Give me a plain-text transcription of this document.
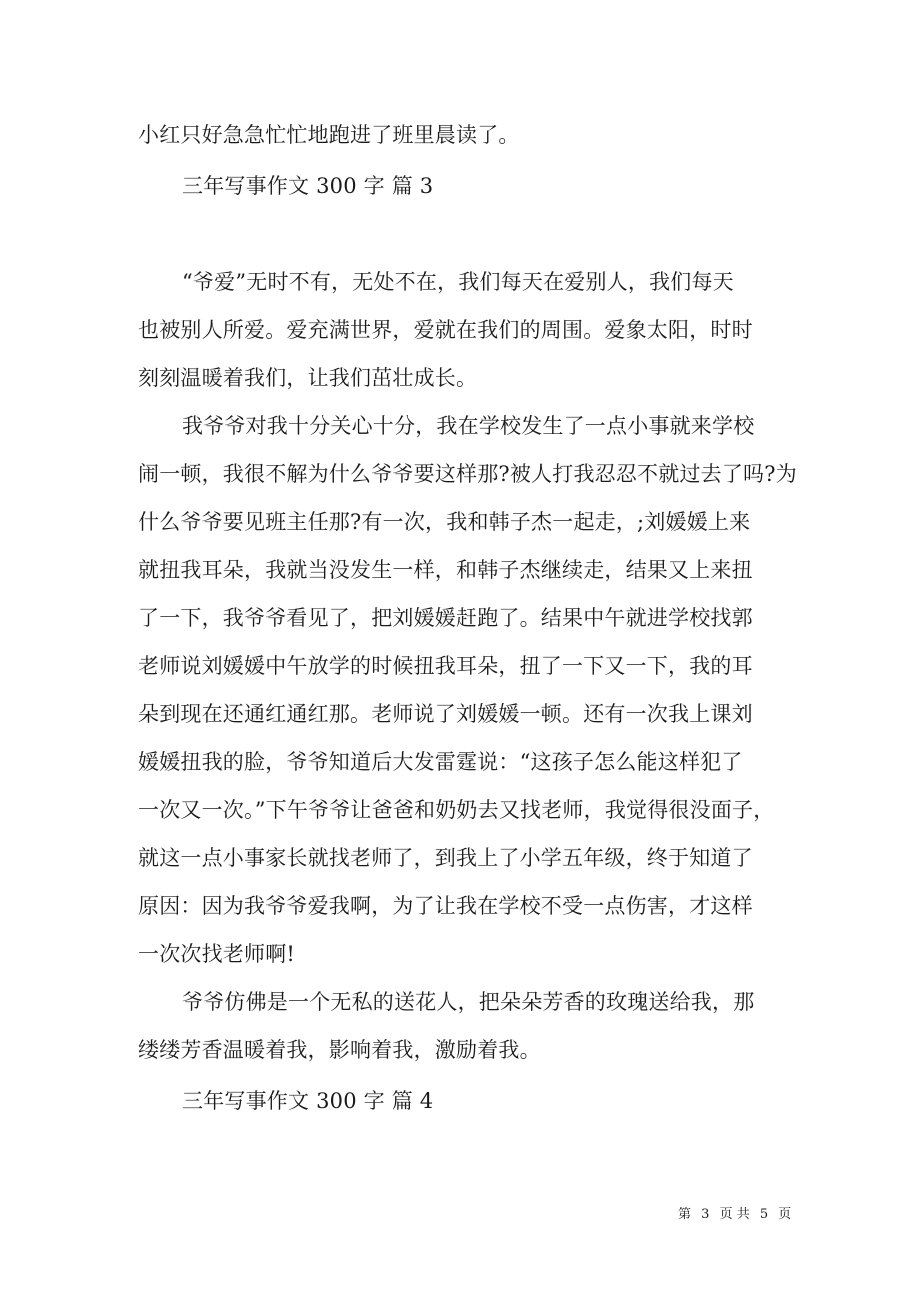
小红只好急急忙忙地跑进了班里晨读了。
三年写事作文 300 字 篇 3
“爷爱”无时不有，无处不在，我们每天在爱别人，我们每天
也被别人所爱。爱充满世界，爱就在我们的周围。爱象太阳，时时
刻刻温暖着我们，让我们茁壮成长。
我爷爷对我十分关心十分，我在学校发生了一点小事就来学校
闹一顿，我很不解为什么爷爷要这样那?被人打我忍忍不就过去了吗?为
什么爷爷要见班主任那?有一次，我和韩子杰一起走，;刘媛媛上来
就扭我耳朵，我就当没发生一样，和韩子杰继续走，结果又上来扭
了一下，我爷爷看见了，把刘媛媛赶跑了。结果中午就进学校找郭
老师说刘媛媛中午放学的时候扭我耳朵，扭了一下又一下，我的耳
朵到现在还通红通红那。老师说了刘媛媛一顿。还有一次我上课刘
媛媛扭我的脸，爷爷知道后大发雷霆说：“这孩子怎么能这样犯了
一次又一次。”下午爷爷让爸爸和奶奶去又找老师，我觉得很没面子，
就这一点小事家长就找老师了，到我上了小学五年级，终于知道了
原因：因为我爷爷爱我啊，为了让我在学校不受一点伤害，才这样
一次次找老师啊!
爷爷仿佛是一个无私的送花人，把朵朵芳香的玫瑰送给我，那
缕缕芳香温暖着我，影响着我，激励着我。
三年写事作文 300 字 篇 4
第 3 页 共 5 页
